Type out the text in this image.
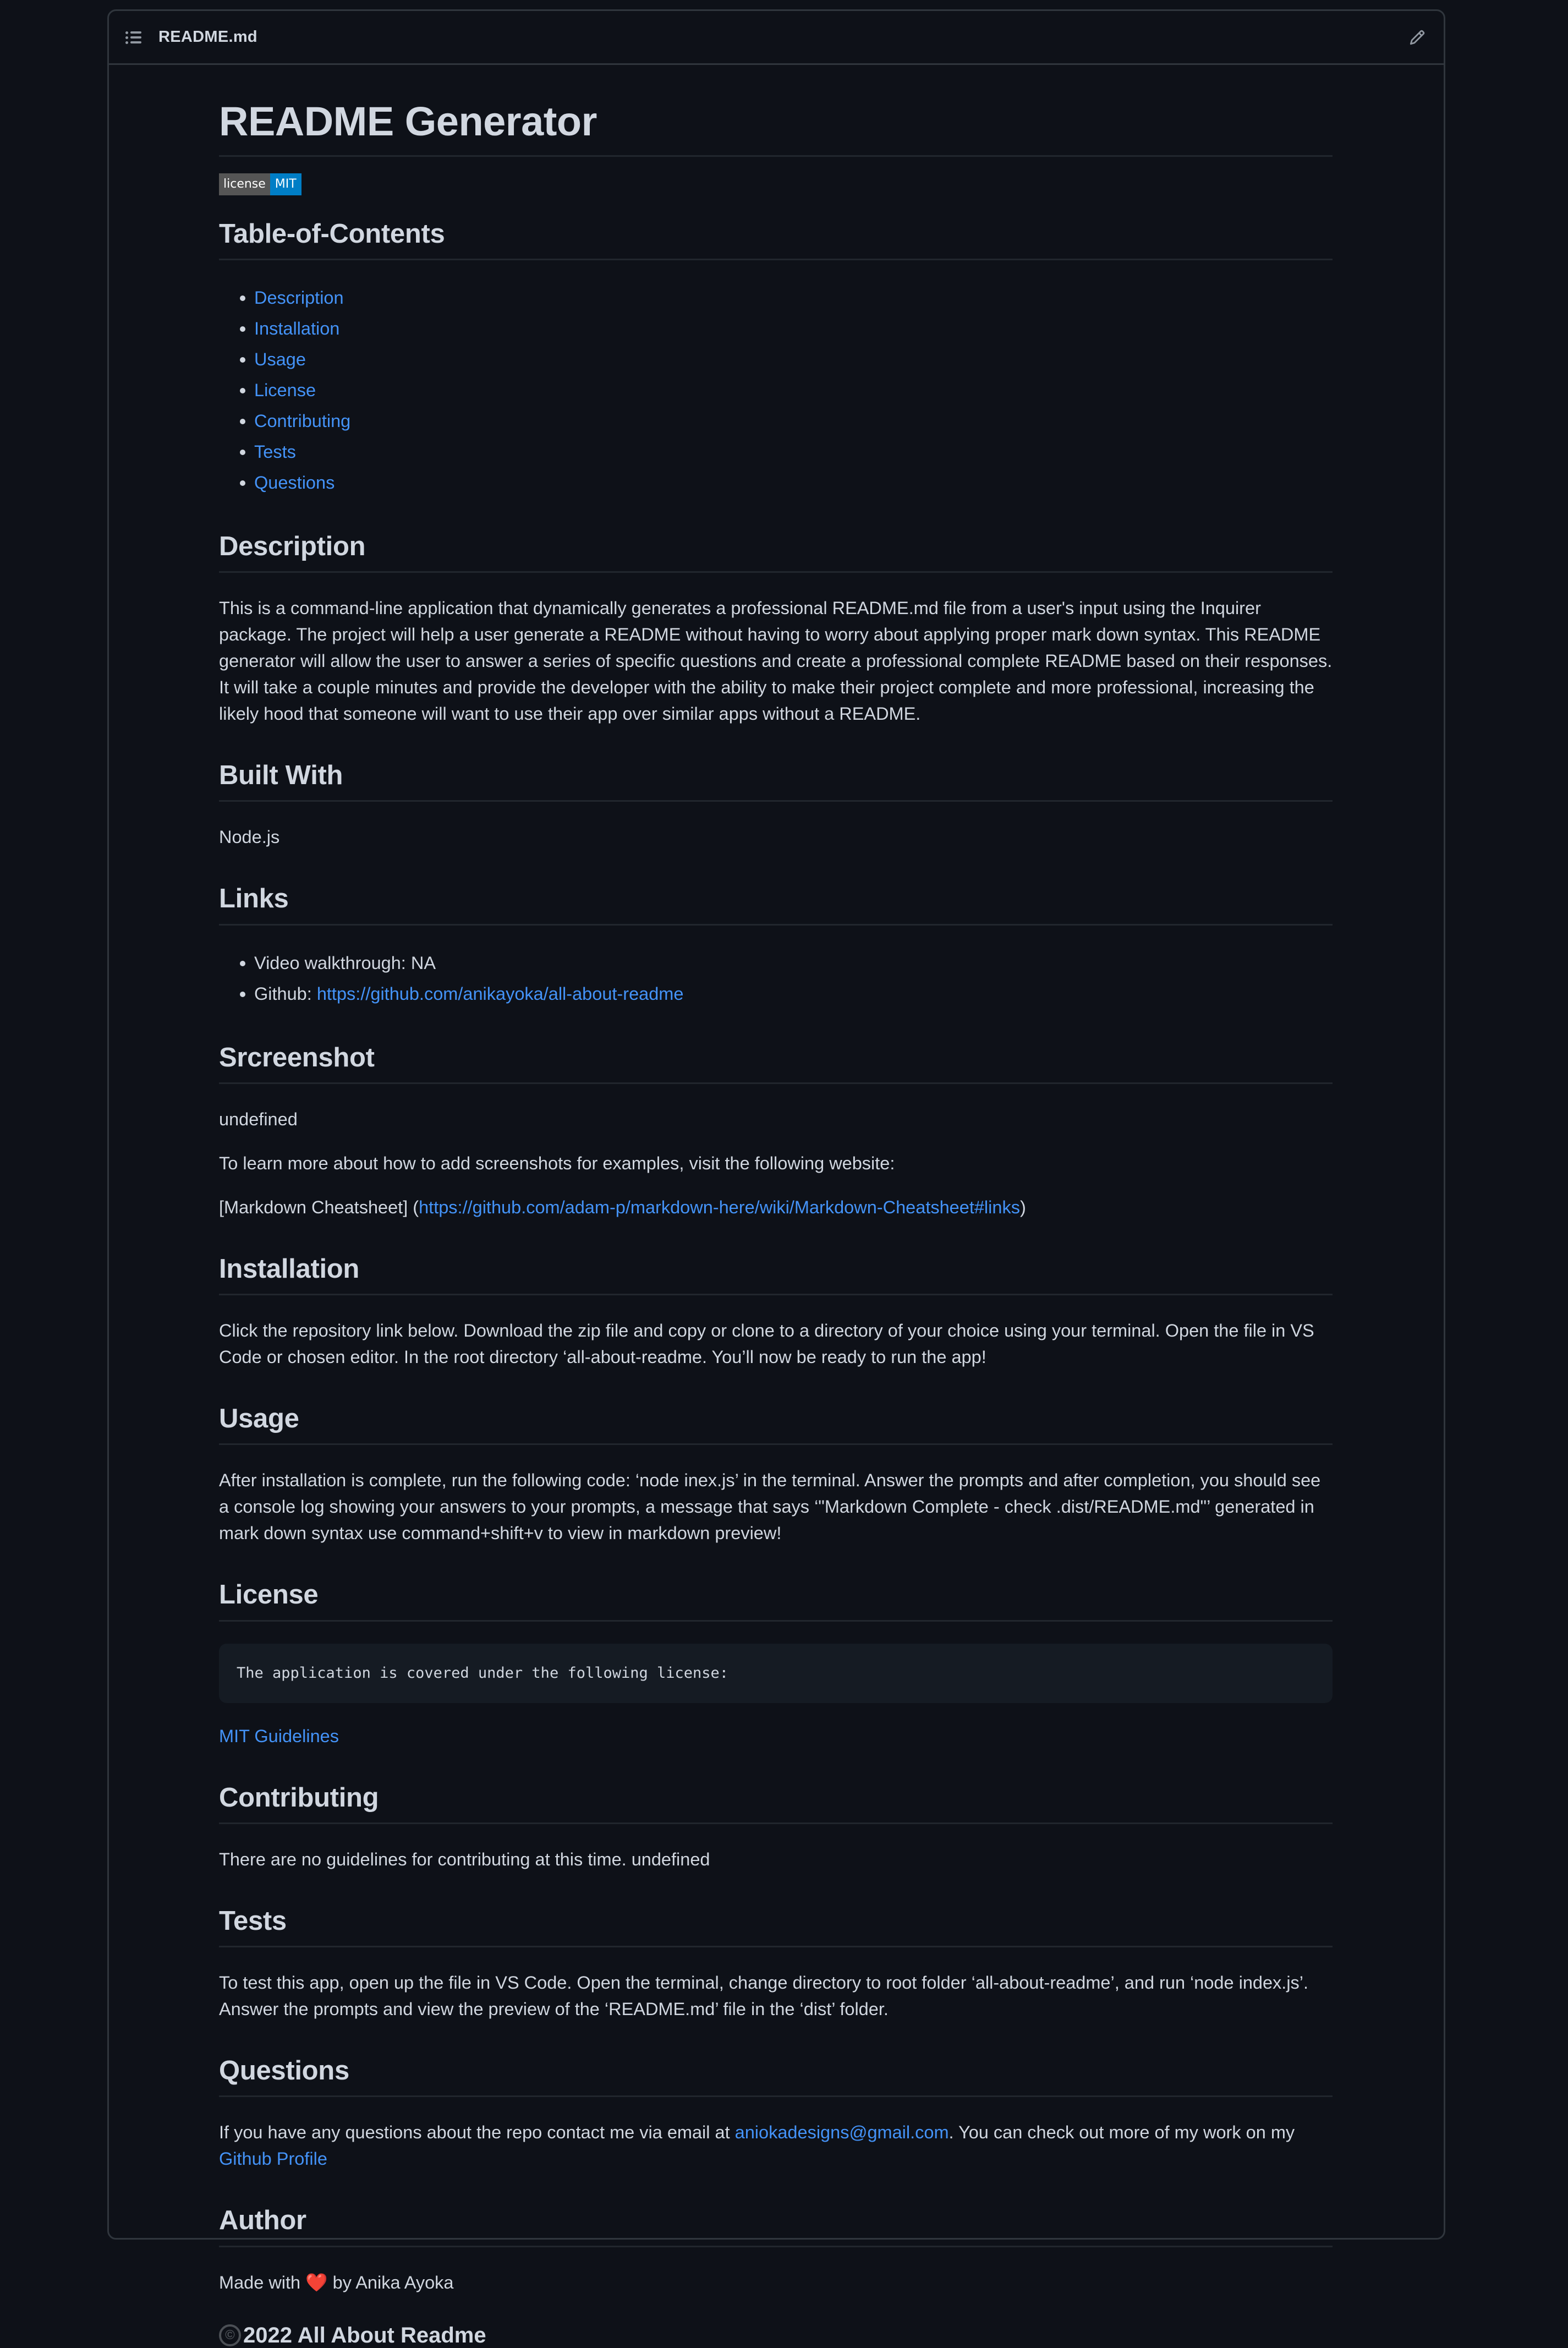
README.md
README Generator
license MIT
Table-of-Contents
Description
Installation
Usage
License
Contributing
Tests
Questions
Description

This is a command-line application that dynamically generates a professional README.md file from a user's input using the Inquirer package. The project will help a user generate a README without having to worry about applying proper mark down syntax. This README generator will allow the user to answer a series of specific questions and create a professional complete README based on their responses. It will take a couple minutes and provide the developer with the ability to make their project complete and more professional, increasing the likely hood that someone will want to use their app over similar apps without a README.

Built With

Node.js

Links
Video walkthrough: NA
Github: https://github.com/anikayoka/all-about-readme
Srcreenshot

undefined

To learn more about how to add screenshots for examples, visit the following website:

[Markdown Cheatsheet] (https://github.com/adam-p/markdown-here/wiki/Markdown-Cheatsheet#links)

Installation

Click the repository link below. Download the zip file and copy or clone to a directory of your choice using your terminal. Open the file in VS Code or chosen editor. In the root directory ‘all-about-readme. You’ll now be ready to run the app!

Usage

After installation is complete, run the following code: ‘node inex.js’ in the terminal. Answer the prompts and after completion, you should see a console log showing your answers to your prompts, a message that says ‘"Markdown Complete - check .dist/README.md"’ generated in mark down syntax use command+shift+v to view in markdown preview!

License
The application is covered under the following license:

MIT Guidelines

Contributing

There are no guidelines for contributing at this time. undefined

Tests

To test this app, open up the file in VS Code. Open the terminal, change directory to root folder ‘all-about-readme’, and run ‘node index.js’. Answer the prompts and view the preview of the ‘README.md’ file in the ‘dist’ folder.

Questions

If you have any questions about the repo contact me via email at aniokadesigns@gmail.com. You can check out more of my work on my Github Profile

Author

Made with ❤️ by Anika Ayoka

© 2022 All About Readme
